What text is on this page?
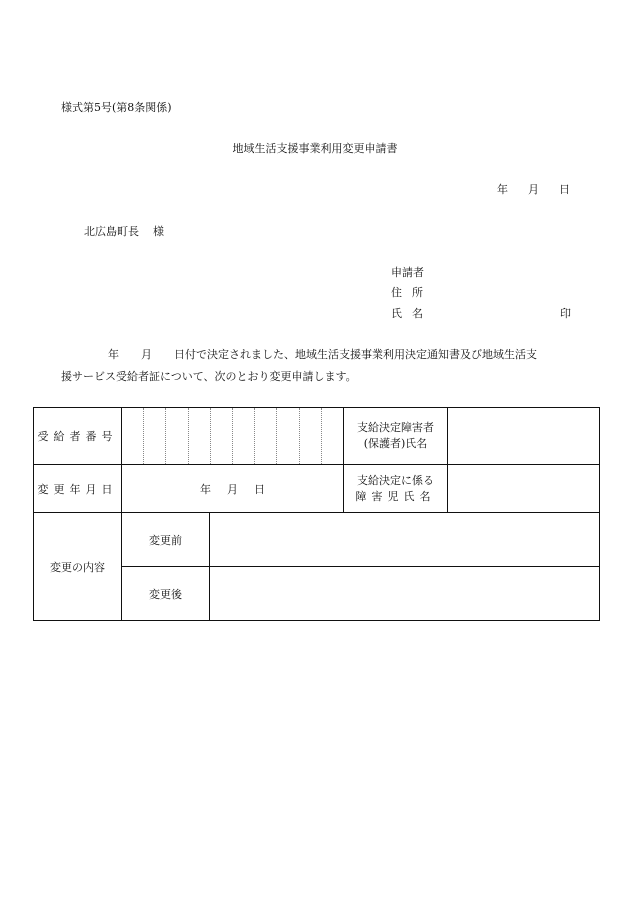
様式第5号(第8条関係)
地域生活支援事業利用変更申請書
年 月 日
北広島町長 様
申請者
住所
氏名	印
年 月 日付で決定されました、地域生活支援事業利用決定通知書及び地域生活支
援サービス受給者証について、次のとおり変更申請します。
受給者番号			支給決定障害者
(保護者)氏名	

変更年月日	年 月 日		支給決定に係る
障害児氏名	

変更の内容	変更前			
	変更後			
